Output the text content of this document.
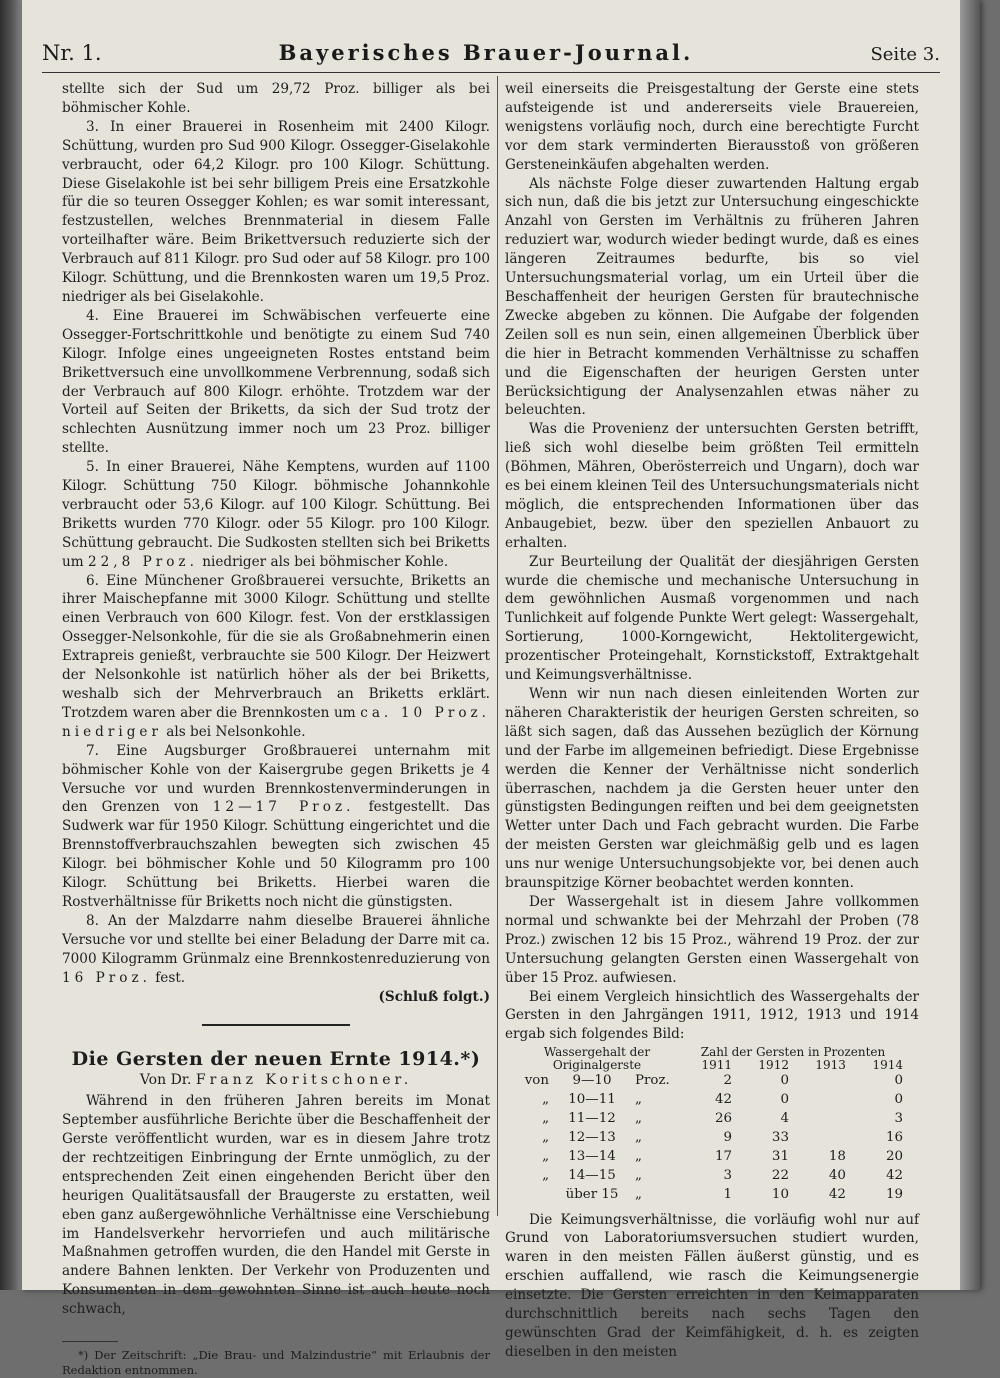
Nr. 1.	Bayerisches Brauer-Journal.	Seite 3.

stellte sich der Sud um 29,72 Proz. billiger als bei böhmischer Kohle.

3. In einer Brauerei in Rosenheim mit 2400 Kilogr. Schüttung, wurden pro Sud 900 Kilogr. Ossegger-Giselakohle verbraucht, oder 64,2 Kilogr. pro 100 Kilogr. Schüttung. Diese Giselakohle ist bei sehr billigem Preis eine Ersatzkohle für die so teuren Ossegger Kohlen; es war somit interessant, festzustellen, welches Brennmaterial in diesem Falle vorteilhafter wäre. Beim Brikettversuch reduzierte sich der Verbrauch auf 811 Kilogr. pro Sud oder auf 58 Kilogr. pro 100 Kilogr. Schüttung, und die Brennkosten waren um 19,5 Proz. niedriger als bei Giselakohle.

4. Eine Brauerei im Schwäbischen verfeuerte eine Ossegger-Fortschrittkohle und benötigte zu einem Sud 740 Kilogr. Infolge eines ungeeigneten Rostes entstand beim Brikettversuch eine unvollkommene Verbrennung, sodaß sich der Verbrauch auf 800 Kilogr. erhöhte. Trotzdem war der Vorteil auf Seiten der Briketts, da sich der Sud trotz der schlechten Ausnützung immer noch um 23 Proz. billiger stellte.

5. In einer Brauerei, Nähe Kemptens, wurden auf 1100 Kilogr. Schüttung 750 Kilogr. böhmische Johannkohle verbraucht oder 53,6 Kilogr. auf 100 Kilogr. Schüttung. Bei Briketts wurden 770 Kilogr. oder 55 Kilogr. pro 100 Kilogr. Schüttung gebraucht. Die Sudkosten stellten sich bei Briketts um 22,8 Proz. niedriger als bei böhmischer Kohle.

6. Eine Münchener Großbrauerei versuchte, Briketts an ihrer Maischepfanne mit 3000 Kilogr. Schüttung und stellte einen Verbrauch von 600 Kilogr. fest. Von der erstklassigen Ossegger-Nelsonkohle, für die sie als Großabnehmerin einen Extrapreis genießt, verbrauchte sie 500 Kilogr. Der Heizwert der Nelsonkohle ist natürlich höher als der bei Briketts, weshalb sich der Mehrverbrauch an Briketts erklärt. Trotzdem waren aber die Brennkosten um ca. 10 Proz. niedriger als bei Nelsonkohle.

7. Eine Augsburger Großbrauerei unternahm mit böhmischer Kohle von der Kaisergrube gegen Briketts je 4 Versuche vor und wurden Brennkostenverminderungen in den Grenzen von 12—17 Proz. festgestellt. Das Sudwerk war für 1950 Kilogr. Schüttung eingerichtet und die Brennstoffverbrauchszahlen bewegten sich zwischen 45 Kilogr. bei böhmischer Kohle und 50 Kilogramm pro 100 Kilogr. Schüttung bei Briketts. Hierbei waren die Rostverhältnisse für Briketts noch nicht die günstigsten.

8. An der Malzdarre nahm dieselbe Brauerei ähnliche Versuche vor und stellte bei einer Beladung der Darre mit ca. 7000 Kilogramm Grünmalz eine Brennkostenreduzierung von 16 Proz. fest.

(Schluß folgt.)

Die Gersten der neuen Ernte 1914.*)
Von Dr. Franz Koritschoner.

Während in den früheren Jahren bereits im Monat September ausführliche Berichte über die Beschaffenheit der Gerste veröffentlicht wurden, war es in diesem Jahre trotz der rechtzeitigen Einbringung der Ernte unmöglich, zu der entsprechenden Zeit einen eingehenden Bericht über den heurigen Qualitätsausfall der Braugerste zu erstatten, weil eben ganz außergewöhnliche Verhältnisse eine Verschiebung im Handelsverkehr hervorriefen und auch militärische Maßnahmen getroffen wurden, die den Handel mit Gerste in andere Bahnen lenkten. Der Verkehr von Produzenten und Konsumenten in dem gewohnten Sinne ist auch heute noch schwach,

*) Der Zeitschrift: „Die Brau- und Malzindustrie“ mit Erlaubnis der Redaktion entnommen.

weil einerseits die Preisgestaltung der Gerste eine stets aufsteigende ist und andererseits viele Brauereien, wenigstens vorläufig noch, durch eine berechtigte Furcht vor dem stark verminderten Bierausstoß von größeren Gersteneinkäufen abgehalten werden.

Als nächste Folge dieser zuwartenden Haltung ergab sich nun, daß die bis jetzt zur Untersuchung eingeschickte Anzahl von Gersten im Verhältnis zu früheren Jahren reduziert war, wodurch wieder bedingt wurde, daß es eines längeren Zeitraumes bedurfte, bis so viel Untersuchungsmaterial vorlag, um ein Urteil über die Beschaffenheit der heurigen Gersten für brautechnische Zwecke abgeben zu können. Die Aufgabe der folgenden Zeilen soll es nun sein, einen allgemeinen Überblick über die hier in Betracht kommenden Verhältnisse zu schaffen und die Eigenschaften der heurigen Gersten unter Berücksichtigung der Analysenzahlen etwas näher zu beleuchten.

Was die Provenienz der untersuchten Gersten betrifft, ließ sich wohl dieselbe beim größten Teil ermitteln (Böhmen, Mähren, Oberösterreich und Ungarn), doch war es bei einem kleinen Teil des Untersuchungsmaterials nicht möglich, die entsprechenden Informationen über das Anbaugebiet, bezw. über den speziellen Anbauort zu erhalten.

Zur Beurteilung der Qualität der diesjährigen Gersten wurde die chemische und mechanische Untersuchung in dem gewöhnlichen Ausmaß vorgenommen und nach Tunlichkeit auf folgende Punkte Wert gelegt: Wassergehalt, Sortierung, 1000-Korngewicht, Hektolitergewicht, prozentischer Proteingehalt, Kornstickstoff, Extraktgehalt und Keimungsverhältnisse.

Wenn wir nun nach diesen einleitenden Worten zur näheren Charakteristik der heurigen Gersten schreiten, so läßt sich sagen, daß das Aussehen bezüglich der Körnung und der Farbe im allgemeinen befriedigt. Diese Ergebnisse werden die Kenner der Verhältnisse nicht sonderlich überraschen, nachdem ja die Gersten heuer unter den günstigsten Bedingungen reiften und bei dem geeignetsten Wetter unter Dach und Fach gebracht wurden. Die Farbe der meisten Gersten war gleichmäßig gelb und es lagen uns nur wenige Untersuchungsobjekte vor, bei denen auch braunspitzige Körner beobachtet werden konnten.

Der Wassergehalt ist in diesem Jahre vollkommen normal und schwankte bei der Mehrzahl der Proben (78 Proz.) zwischen 12 bis 15 Proz., während 19 Proz. der zur Untersuchung gelangten Gersten einen Wassergehalt von über 15 Proz. aufwiesen.

Bei einem Vergleich hinsichtlich des Wassergehalts der Gersten in den Jahrgängen 1911, 1912, 1913 und 1914 ergab sich folgendes Bild:

Wassergehalt der			Zahl der Gersten in Prozenten			
Originalgerste			1911	1912	1913	1914
von	9—10	Proz.	2	0		0
„	10—11	„	42	0		0
„	11—12	„	26	4		3
„	12—13	„	9	33		16
„	13—14	„	17	31	18	20
„	14—15	„	3	22	40	42
	über 15	„	1	10	42	19

Die Keimungsverhältnisse, die vorläufig wohl nur auf Grund von Laboratoriumsversuchen studiert wurden, waren in den meisten Fällen äußerst günstig, und es erschien auffallend, wie rasch die Keimungsenergie einsetzte. Die Gersten erreichten in den Keimapparaten durchschnittlich bereits nach sechs Tagen den gewünschten Grad der Keimfähigkeit, d. h. es zeigten dieselben in den meisten
